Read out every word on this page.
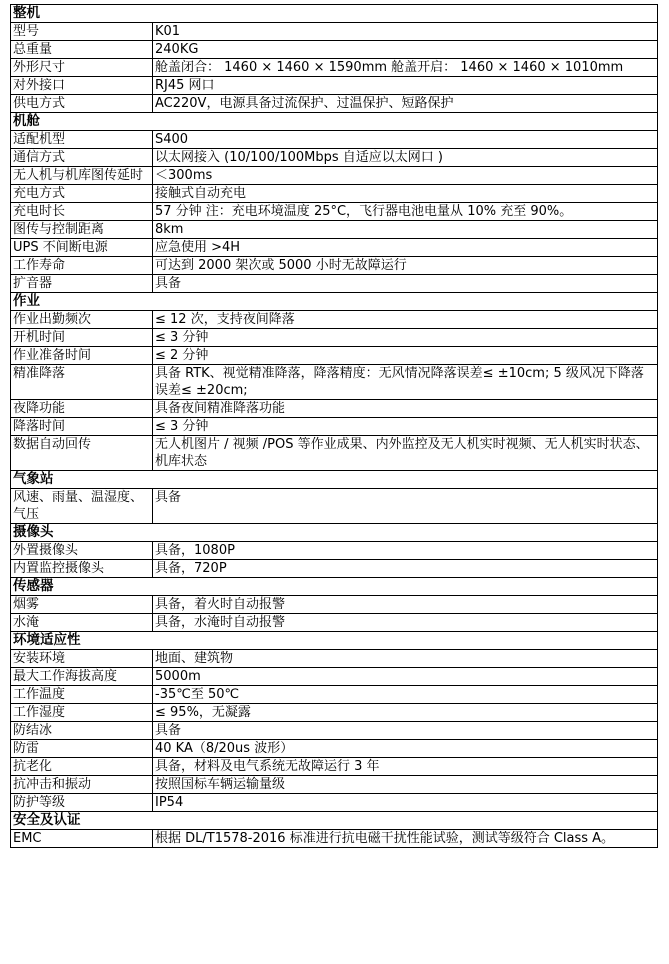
整机	
型号	K01
总重量	240KG
外形尺寸	舱盖闭合： 1460 × 1460 × 1590mm 舱盖开启： 1460 × 1460 × 1010mm
对外接口	RJ45 网口
供电方式	AC220V，电源具备过流保护、过温保护、短路保护
机舱	
适配机型	S400
通信方式	以太网接入 (10/100/100Mbps 自适应以太网口 )
无人机与机库图传延时	＜300ms
充电方式	接触式自动充电
充电时长	57 分钟 注：充电环境温度 25°C，飞行器电池电量从 10% 充至 90%。
图传与控制距离	8km
UPS 不间断电源	应急使用 >4H
工作寿命	可达到 2000 架次或 5000 小时无故障运行
扩音器	具备
作业	
作业出勤频次	≤ 12 次，支持夜间降落
开机时间	≤ 3 分钟
作业准备时间	≤ 2 分钟
精准降落	具备 RTK、视觉精准降落，降落精度：无风情况降落误差≤ ±10cm; 5 级风况下降落误差≤ ±20cm;
夜降功能	具备夜间精准降落功能
降落时间	≤ 3 分钟
数据自动回传	无人机图片 / 视频 /POS 等作业成果、内外监控及无人机实时视频、无人机实时状态、机库状态
气象站	
风速、雨量、温湿度、气压	具备
摄像头	
外置摄像头	具备，1080P
内置监控摄像头	具备，720P
传感器	
烟雾	具备，着火时自动报警
水淹	具备，水淹时自动报警
环境适应性	
安装环境	地面、建筑物
最大工作海拔高度	5000m
工作温度	-35℃至 50℃
工作湿度	≤ 95%，无凝露
防结冰	具备
防雷	40 KA（8/20us 波形）
抗老化	具备，材料及电气系统无故障运行 3 年
抗冲击和振动	按照国标车辆运输量级
防护等级	IP54
安全及认证	
EMC	根据 DL/T1578-2016 标准进行抗电磁干扰性能试验，测试等级符合 Class A。
